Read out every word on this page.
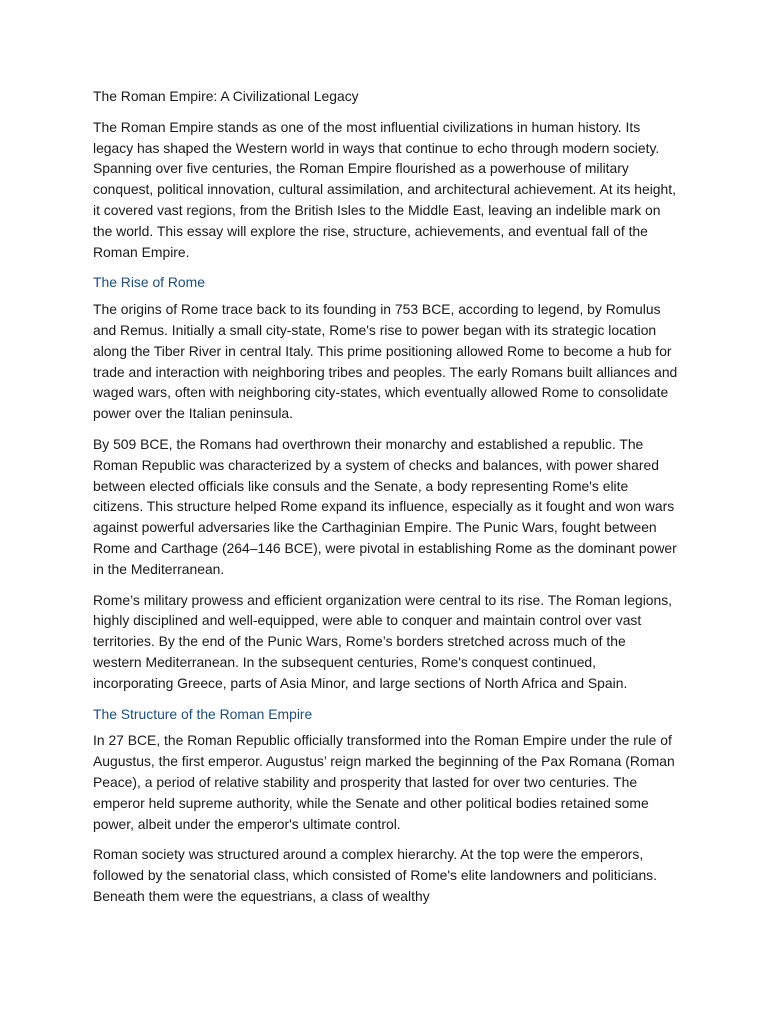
The Roman Empire: A Civilizational Legacy

The Roman Empire stands as one of the most influential civilizations in human history. Its legacy has shaped the Western world in ways that continue to echo through modern society. Spanning over five centuries, the Roman Empire flourished as a powerhouse of military conquest, political innovation, cultural assimilation, and architectural achievement. At its height, it covered vast regions, from the British Isles to the Middle East, leaving an indelible mark on the world. This essay will explore the rise, structure, achievements, and eventual fall of the Roman Empire.

The Rise of Rome

The origins of Rome trace back to its founding in 753 BCE, according to legend, by Romulus and Remus. Initially a small city-state, Rome's rise to power began with its strategic location along the Tiber River in central Italy. This prime positioning allowed Rome to become a hub for trade and interaction with neighboring tribes and peoples. The early Romans built alliances and waged wars, often with neighboring city-states, which eventually allowed Rome to consolidate power over the Italian peninsula.

By 509 BCE, the Romans had overthrown their monarchy and established a republic. The Roman Republic was characterized by a system of checks and balances, with power shared between elected officials like consuls and the Senate, a body representing Rome's elite citizens. This structure helped Rome expand its influence, especially as it fought and won wars against powerful adversaries like the Carthaginian Empire. The Punic Wars, fought between Rome and Carthage (264–146 BCE), were pivotal in establishing Rome as the dominant power in the Mediterranean.

Rome’s military prowess and efficient organization were central to its rise. The Roman legions, highly disciplined and well-equipped, were able to conquer and maintain control over vast territories. By the end of the Punic Wars, Rome’s borders stretched across much of the western Mediterranean. In the subsequent centuries, Rome's conquest continued, incorporating Greece, parts of Asia Minor, and large sections of North Africa and Spain.

The Structure of the Roman Empire

In 27 BCE, the Roman Republic officially transformed into the Roman Empire under the rule of Augustus, the first emperor. Augustus’ reign marked the beginning of the Pax Romana (Roman Peace), a period of relative stability and prosperity that lasted for over two centuries. The emperor held supreme authority, while the Senate and other political bodies retained some power, albeit under the emperor's ultimate control.

Roman society was structured around a complex hierarchy. At the top were the emperors, followed by the senatorial class, which consisted of Rome's elite landowners and politicians. Beneath them were the equestrians, a class of wealthy
